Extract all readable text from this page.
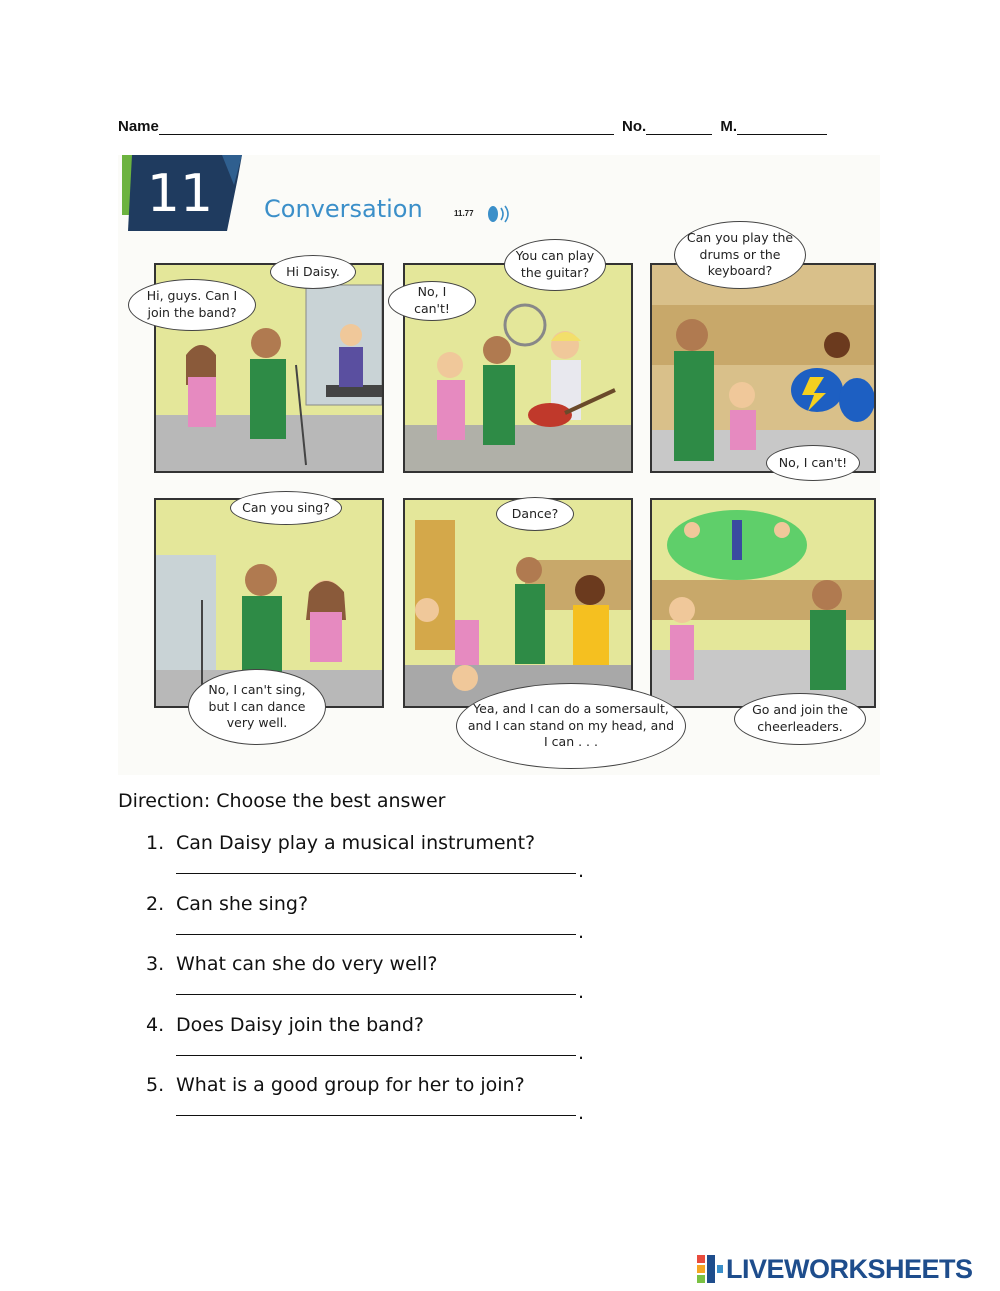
Name	No.	M.
11 Conversation	11.77
Hi, guys. Can I join the band?
Hi Daisy.
No, I can't!
You can play the guitar?
Can you play the drums or the keyboard?
No, I can't!
Can you sing?
No, I can't sing, but I can dance very well.
Dance?
Yea, and I can do a somersault, and I can stand on my head, and I can . . .
Go and join the cheerleaders.
Direction: Choose the best answer
1. Can Daisy play a musical instrument?
.
2. Can she sing?
.
3. What can she do very well?
.
4. Does Daisy join the band?
.
5. What is a good group for her to join?
.
LIVEWORKSHEETS
